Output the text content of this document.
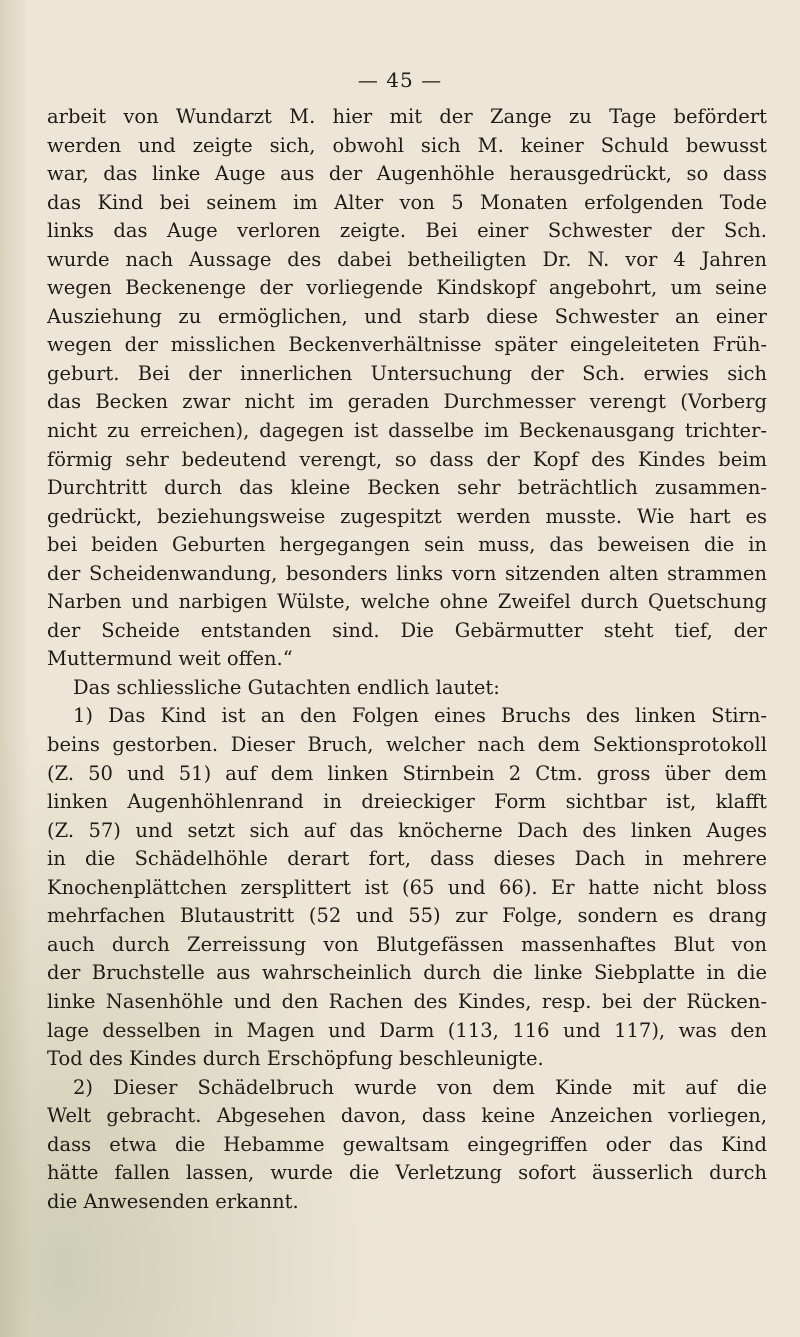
— 45 —
arbeit von Wundarzt M. hier mit der Zange zu Tage befördert
werden und zeigte sich, obwohl sich M. keiner Schuld bewusst
war, das linke Auge aus der Augenhöhle herausgedrückt, so dass
das Kind bei seinem im Alter von 5 Monaten erfolgenden Tode
links das Auge verloren zeigte. Bei einer Schwester der Sch.
wurde nach Aussage des dabei betheiligten Dr. N. vor 4 Jahren
wegen Beckenenge der vorliegende Kindskopf angebohrt, um seine
Ausziehung zu ermöglichen, und starb diese Schwester an einer
wegen der misslichen Beckenverhältnisse später eingeleiteten Früh-
geburt. Bei der innerlichen Untersuchung der Sch. erwies sich
das Becken zwar nicht im geraden Durchmesser verengt (Vorberg
nicht zu erreichen), dagegen ist dasselbe im Beckenausgang trichter-
förmig sehr bedeutend verengt, so dass der Kopf des Kindes beim
Durchtritt durch das kleine Becken sehr beträchtlich zusammen-
gedrückt, beziehungsweise zugespitzt werden musste. Wie hart es
bei beiden Geburten hergegangen sein muss, das beweisen die in
der Scheidenwandung, besonders links vorn sitzenden alten strammen
Narben und narbigen Wülste, welche ohne Zweifel durch Quetschung
der Scheide entstanden sind. Die Gebärmutter steht tief, der
Muttermund weit offen.“
Das schliessliche Gutachten endlich lautet:
1) Das Kind ist an den Folgen eines Bruchs des linken Stirn-
beins gestorben. Dieser Bruch, welcher nach dem Sektionsprotokoll
(Z. 50 und 51) auf dem linken Stirnbein 2 Ctm. gross über dem
linken Augenhöhlenrand in dreieckiger Form sichtbar ist, klafft
(Z. 57) und setzt sich auf das knöcherne Dach des linken Auges
in die Schädelhöhle derart fort, dass dieses Dach in mehrere
Knochenplättchen zersplittert ist (65 und 66). Er hatte nicht bloss
mehrfachen Blutaustritt (52 und 55) zur Folge, sondern es drang
auch durch Zerreissung von Blutgefässen massenhaftes Blut von
der Bruchstelle aus wahrscheinlich durch die linke Siebplatte in die
linke Nasenhöhle und den Rachen des Kindes, resp. bei der Rücken-
lage desselben in Magen und Darm (113, 116 und 117), was den
Tod des Kindes durch Erschöpfung beschleunigte.
2) Dieser Schädelbruch wurde von dem Kinde mit auf die
Welt gebracht. Abgesehen davon, dass keine Anzeichen vorliegen,
dass etwa die Hebamme gewaltsam eingegriffen oder das Kind
hätte fallen lassen, wurde die Verletzung sofort äusserlich durch
die Anwesenden erkannt.
